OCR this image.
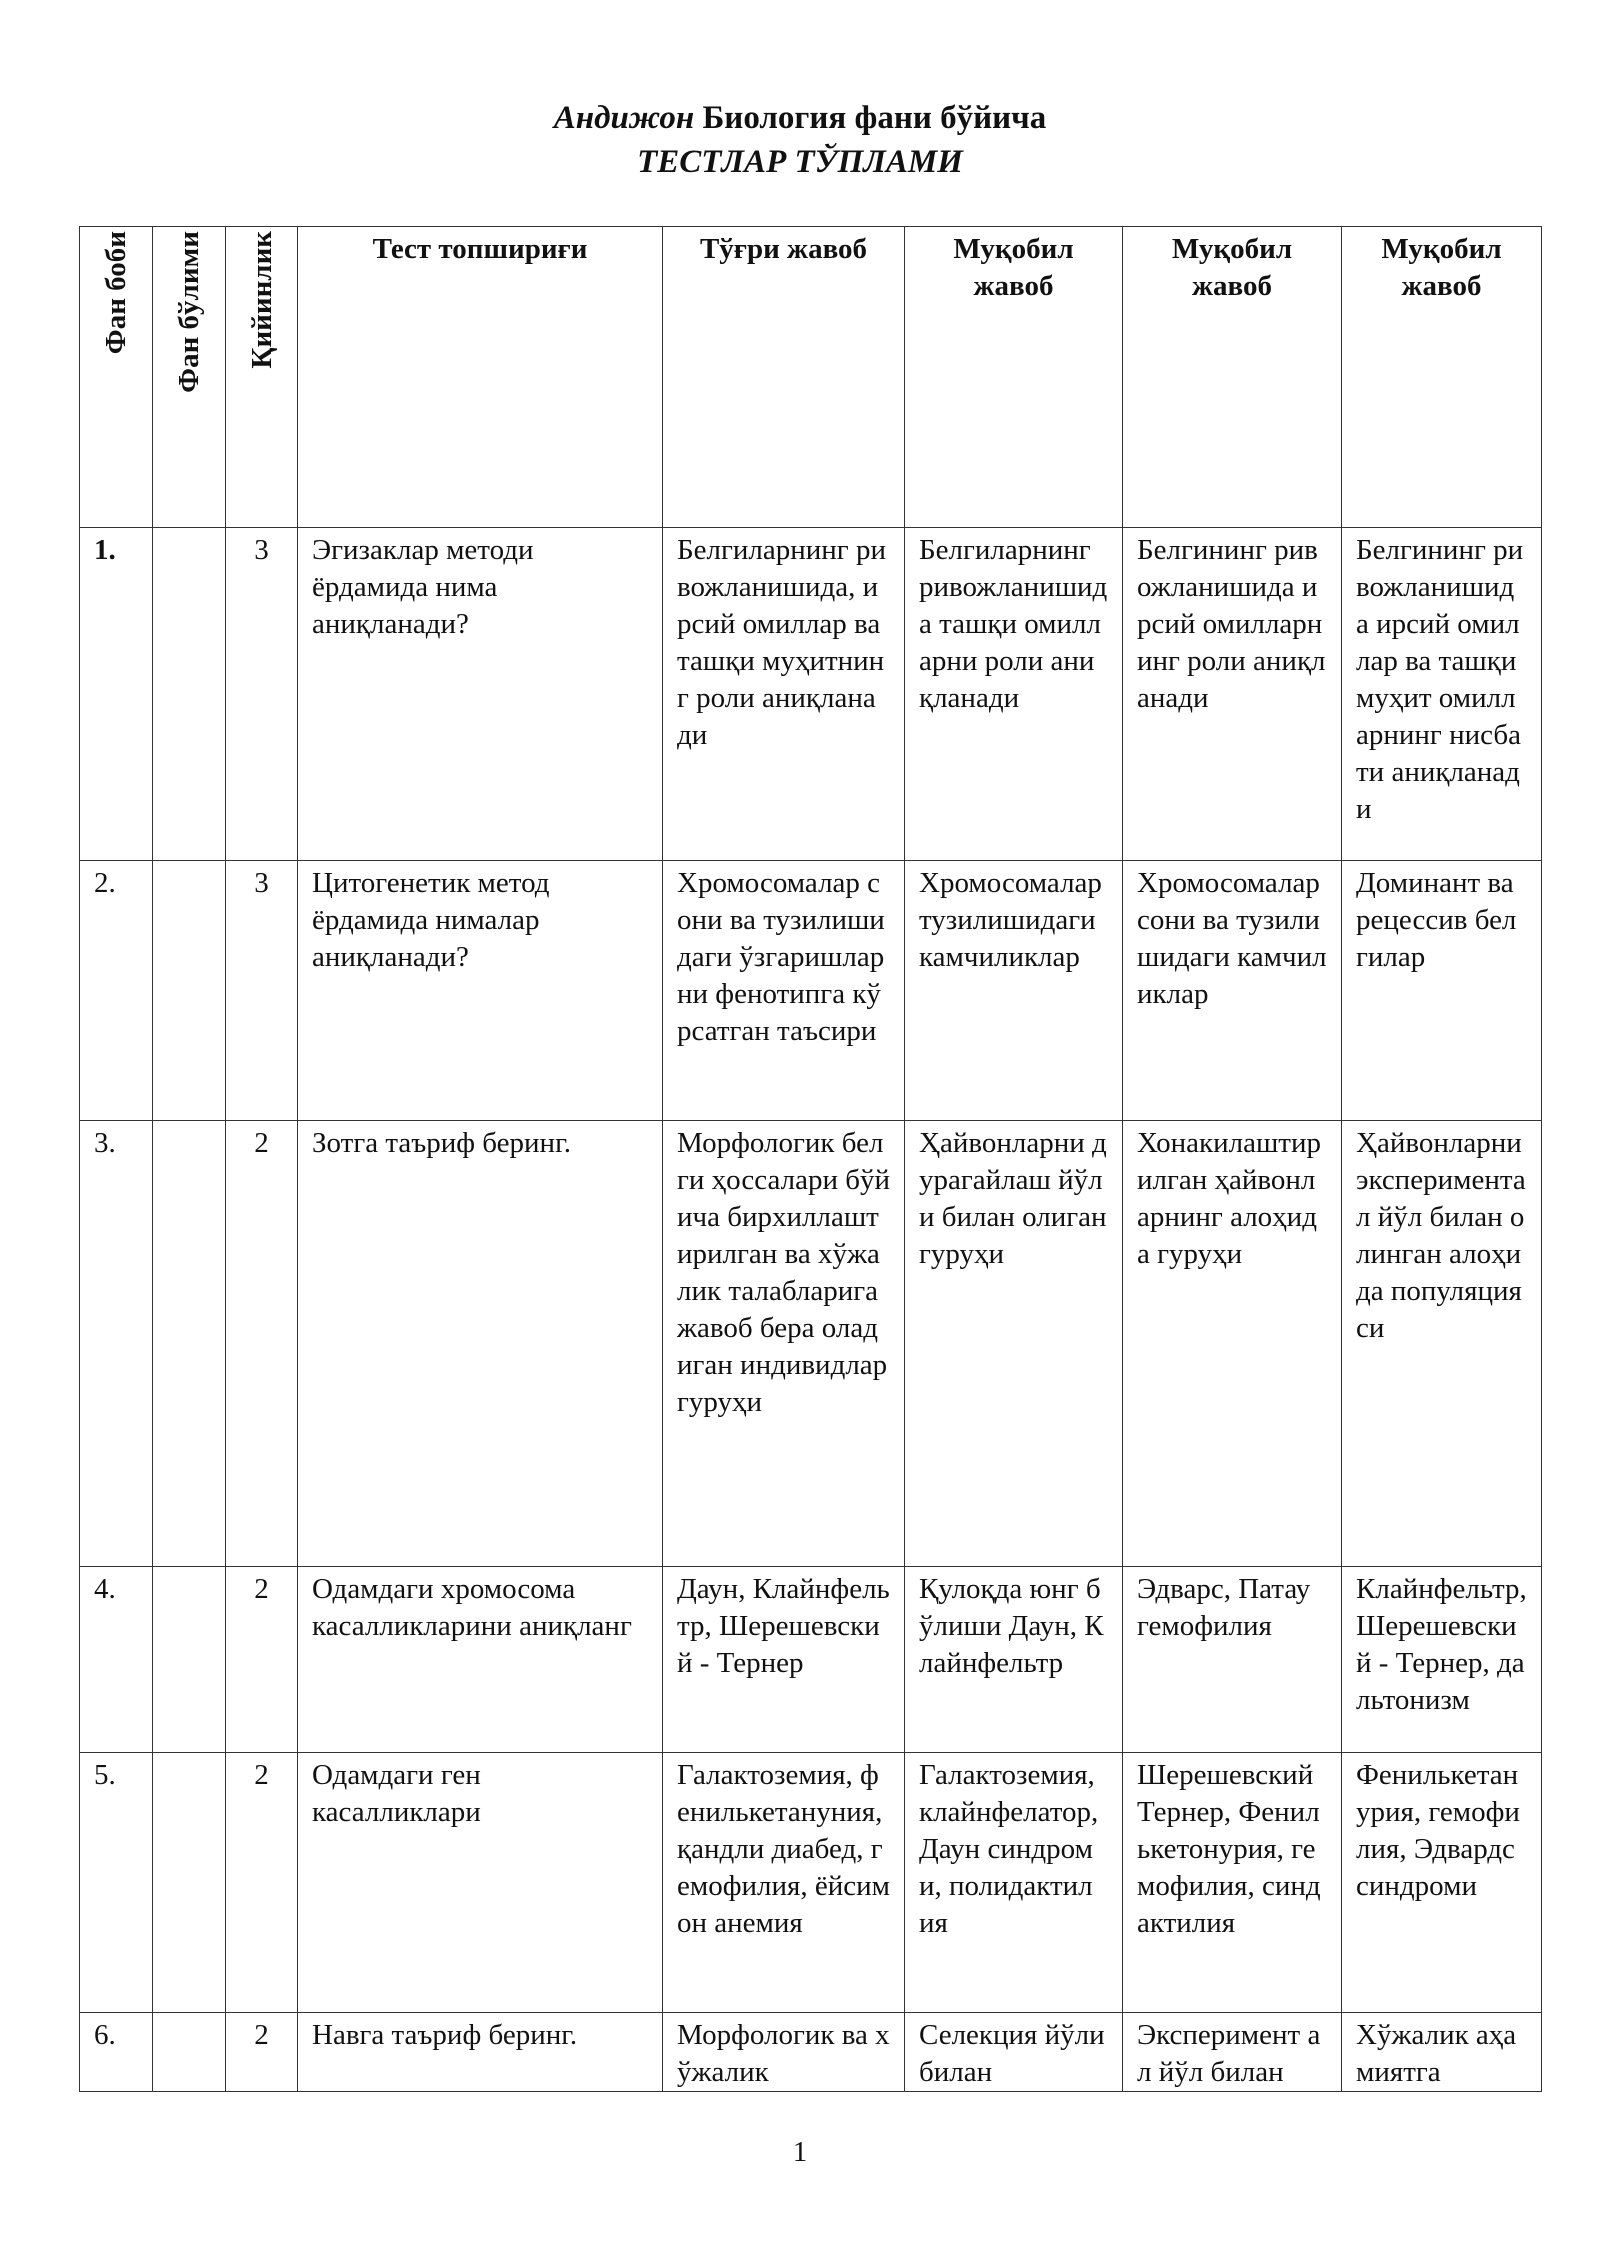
Андижон Биология фани бўйича
ТЕСТЛАР ТЎПЛАМИ
Фан боби	Фан бўлими	Қийинлик	Тест топшириғи	Тўғри жавоб	Муқобил жавоб	Муқобил жавоб	Муқобил жавоб
1.		3	Эгизаклар методи ёрдамида нима аниқланади?	Белгиларнинг ривожланишида, ирсий омиллар ва ташқи муҳитнинг роли аниқланади	Белгиларнинг ривожланишида ташқи омилларни роли аниқланади	Белгининг ривожланишида ирсий омилларнинг роли аниқланади	Белгининг ривожланишида ирсий омиллар ва ташқи муҳит омилларнинг нисбати аниқланади
2.		3	Цитогенетик метод ёрдамида нималар аниқланади?	Хромосомалар сони ва тузилишидаги ўзгаришларни фенотипга кўрсатган таъсири	Хромосомалар тузилишидаги камчиликлар	Хромосомалар сони ва тузилишидаги камчиликлар	Доминант ва рецессив белгилар
3.		2	Зотга таъриф беринг.	Морфологик белги ҳоссалари бўйича бирхиллаштирилган ва хўжалик талабларига жавоб бера оладиган индивидлар гуруҳи	Ҳайвонларни дурагайлаш йўли билан олиган гуруҳи	Хонакилаштирилган ҳайвонларнинг алоҳида гуруҳи	Ҳайвонларни экспериментал йўл билан олинган алоҳида популяцияси
4.		2	Одамдаги хромосома касалликларини аниқланг	Даун, Клайнфельтр, Шерешевский - Тернер	Қулоқда юнг бўлиши Даун, Клайнфельтр	Эдварс, Патау гемофилия	Клайнфельтр, Шерешевский - Тернер, дальтонизм
5.		2	Одамдаги ген касалликлари	Галактоземия, фенилькетануния, қандли диабед, гемофилия, ёйсимон анемия	Галактоземия, клайнфелатор, Даун синдроми, полидактилия	Шерешевский Тернер, Фенилькетонурия, гемофилия, синдактилия	Фенилькетанурия, гемофилия, Эдвардс синдроми
6.		2	Навга таъриф беринг.	Морфологик ва хўжалик	Селекция йўли билан	Эксперимент ал йўл билан	Хўжалик аҳамиятга
1
